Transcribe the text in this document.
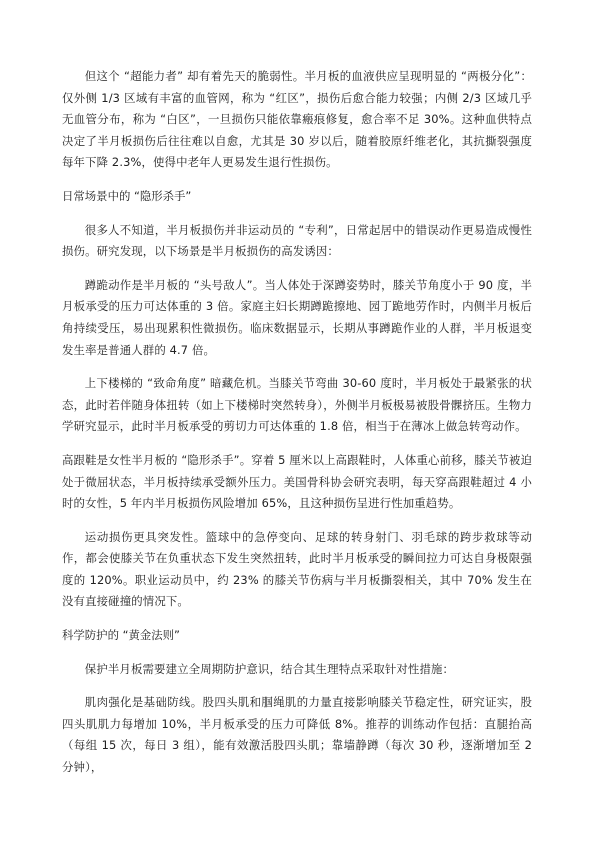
但这个 “超能力者” 却有着先天的脆弱性。半月板的血液供应呈现明显的 “两极分化”：仅外侧 1/3 区域有丰富的血管网，称为 “红区”，损伤后愈合能力较强；内侧 2/3 区域几乎无血管分布，称为 “白区”，一旦损伤只能依靠瘢痕修复，愈合率不足 30%。这种血供特点决定了半月板损伤后往往难以自愈，尤其是 30 岁以后，随着胶原纤维老化，其抗撕裂强度每年下降 2.3%，使得中老年人更易发生退行性损伤。

日常场景中的 “隐形杀手”

很多人不知道，半月板损伤并非运动员的 “专利”，日常起居中的错误动作更易造成慢性损伤。研究发现，以下场景是半月板损伤的高发诱因：

蹲跪动作是半月板的 “头号敌人”。当人体处于深蹲姿势时，膝关节角度小于 90 度，半月板承受的压力可达体重的 3 倍。家庭主妇长期蹲跪擦地、园丁跪地劳作时，内侧半月板后角持续受压，易出现累积性微损伤。临床数据显示，长期从事蹲跪作业的人群，半月板退变发生率是普通人群的 4.7 倍。

上下楼梯的 “致命角度” 暗藏危机。当膝关节弯曲 30-60 度时，半月板处于最紧张的状态，此时若伴随身体扭转（如上下楼梯时突然转身），外侧半月板极易被股骨髁挤压。生物力学研究显示，此时半月板承受的剪切力可达体重的 1.8 倍，相当于在薄冰上做急转弯动作。

高跟鞋是女性半月板的 “隐形杀手”。穿着 5 厘米以上高跟鞋时，人体重心前移，膝关节被迫处于微屈状态，半月板持续承受额外压力。美国骨科协会研究表明，每天穿高跟鞋超过 4 小时的女性，5 年内半月板损伤风险增加 65%，且这种损伤呈进行性加重趋势。

运动损伤更具突发性。篮球中的急停变向、足球的转身射门、羽毛球的跨步救球等动作，都会使膝关节在负重状态下发生突然扭转，此时半月板承受的瞬间拉力可达自身极限强度的 120%。职业运动员中，约 23% 的膝关节伤病与半月板撕裂相关，其中 70% 发生在没有直接碰撞的情况下。

科学防护的 “黄金法则”

保护半月板需要建立全周期防护意识，结合其生理特点采取针对性措施：

肌肉强化是基础防线。股四头肌和腘绳肌的力量直接影响膝关节稳定性，研究证实，股四头肌肌力每增加 10%，半月板承受的压力可降低 8%。推荐的训练动作包括：直腿抬高（每组 15 次，每日 3 组），能有效激活股四头肌；靠墙静蹲（每次 30 秒，逐渐增加至 2 分钟），
